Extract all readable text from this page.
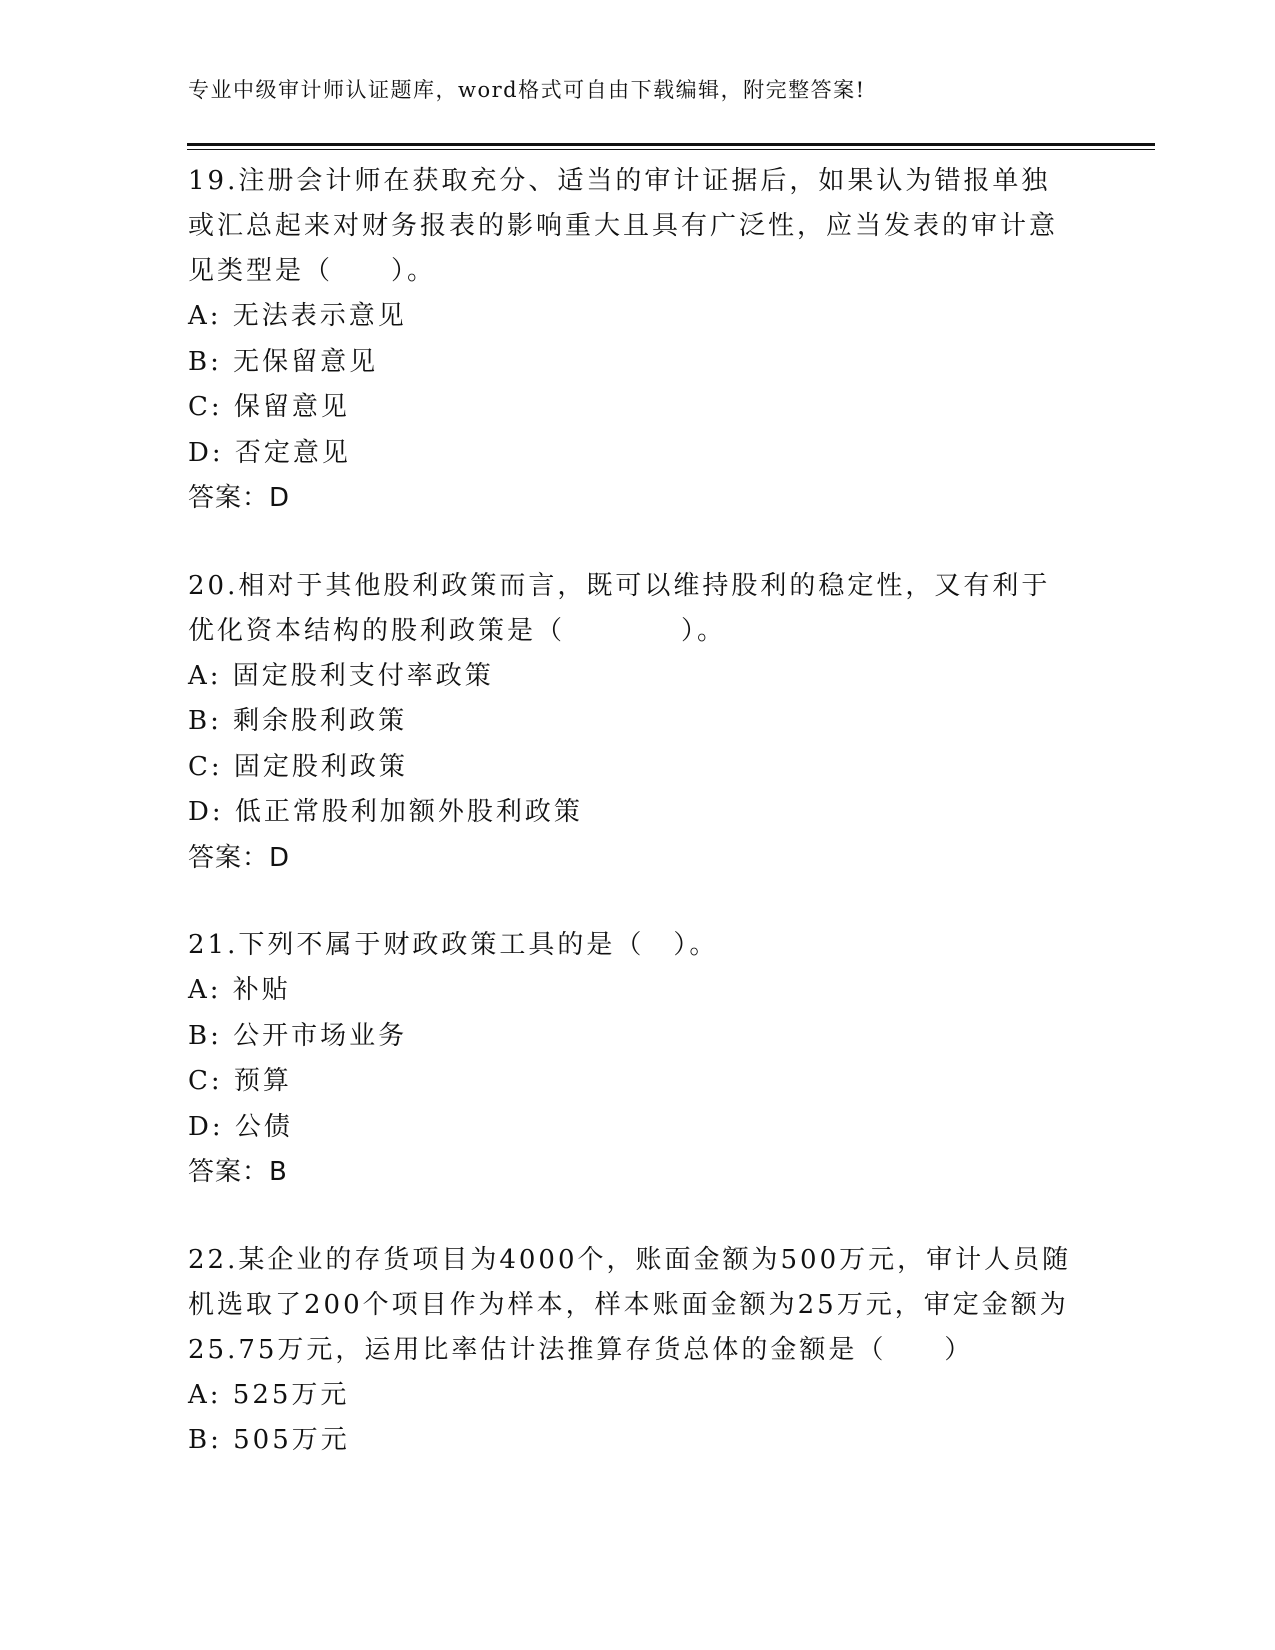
专业中级审计师认证题库，word格式可自由下载编辑，附完整答案!

19.注册会计师在获取充分、适当的审计证据后，如果认为错报单独或汇总起来对财务报表的影响重大且具有广泛性，应当发表的审计意见类型是（　　）。

A: 无法表示意见
B: 无保留意见
C: 保留意见
D: 否定意见
答案：D

20.相对于其他股利政策而言，既可以维持股利的稳定性，又有利于优化资本结构的股利政策是（　　　　）。

A: 固定股利支付率政策
B: 剩余股利政策
C: 固定股利政策
D: 低正常股利加额外股利政策
答案：D

21.下列不属于财政政策工具的是（　）。

A: 补贴
B: 公开市场业务
C: 预算
D: 公债
答案：B

22.某企业的存货项目为4000个，账面金额为500万元，审计人员随机选取了200个项目作为样本，样本账面金额为25万元，审定金额为25.75万元，运用比率估计法推算存货总体的金额是（　　）

A: 525万元
B: 505万元
